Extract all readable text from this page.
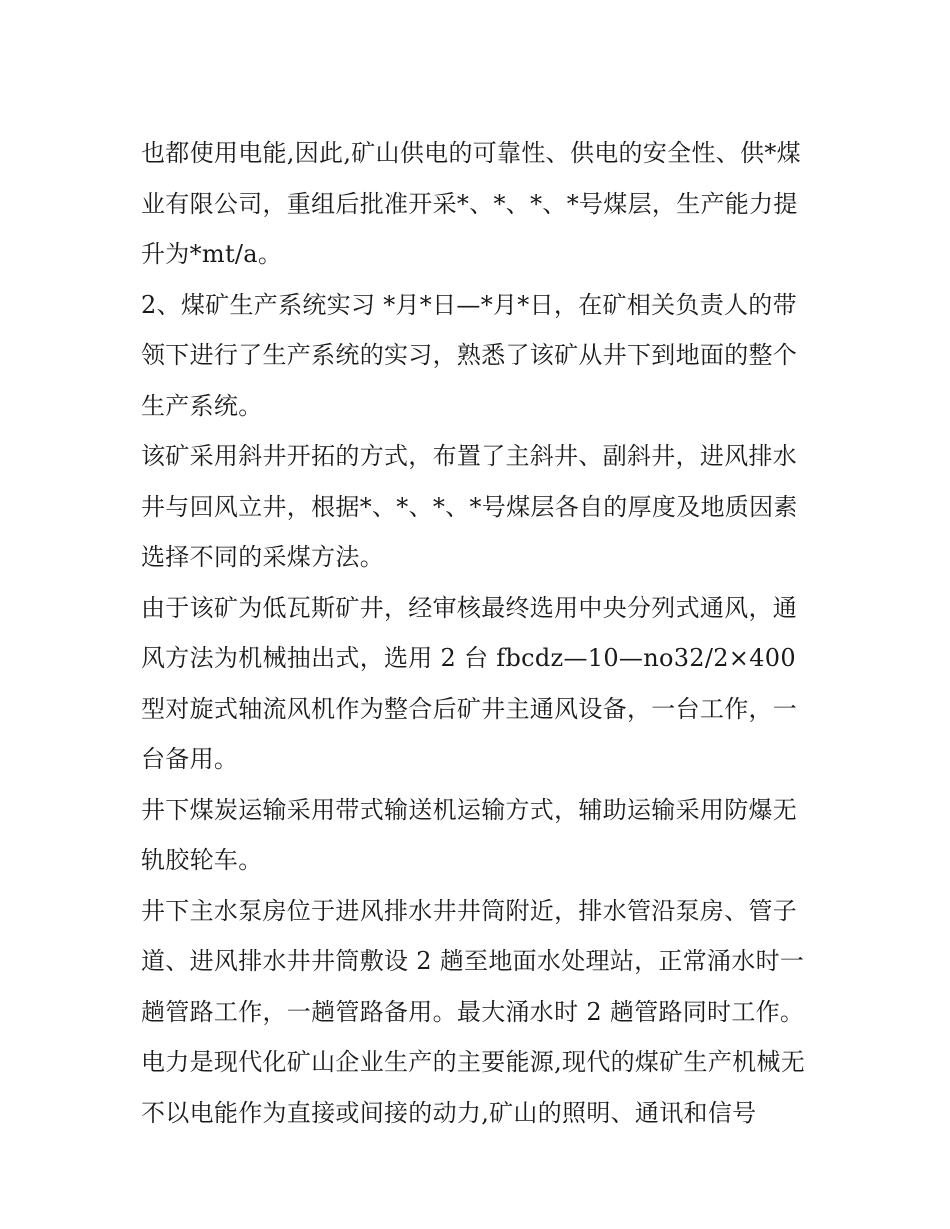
也都使用电能,因此,矿山供电的可靠性、供电的安全性、供*煤业有限公司，重组后批准开采*、*、*、*号煤层，生产能力提升为*mt/a。

2、煤矿生产系统实习 *月*日—*月*日，在矿相关负责人的带领下进行了生产系统的实习，熟悉了该矿从井下到地面的整个生产系统。

该矿采用斜井开拓的方式，布置了主斜井、副斜井，进风排水井与回风立井，根据*、*、*、*号煤层各自的厚度及地质因素选择不同的采煤方法。

由于该矿为低瓦斯矿井，经审核最终选用中央分列式通风，通风方法为机械抽出式，选用 2 台 fbcdz—10—no32/2×400 型对旋式轴流风机作为整合后矿井主通风设备，一台工作，一台备用。

井下煤炭运输采用带式输送机运输方式，辅助运输采用防爆无轨胶轮车。

井下主水泵房位于进风排水井井筒附近，排水管沿泵房、管子道、进风排水井井筒敷设 2 趟至地面水处理站，正常涌水时一趟管路工作，一趟管路备用。最大涌水时 2 趟管路同时工作。

电力是现代化矿山企业生产的主要能源,现代的煤矿生产机械无不以电能作为直接或间接的动力,矿山的照明、通讯和信号
